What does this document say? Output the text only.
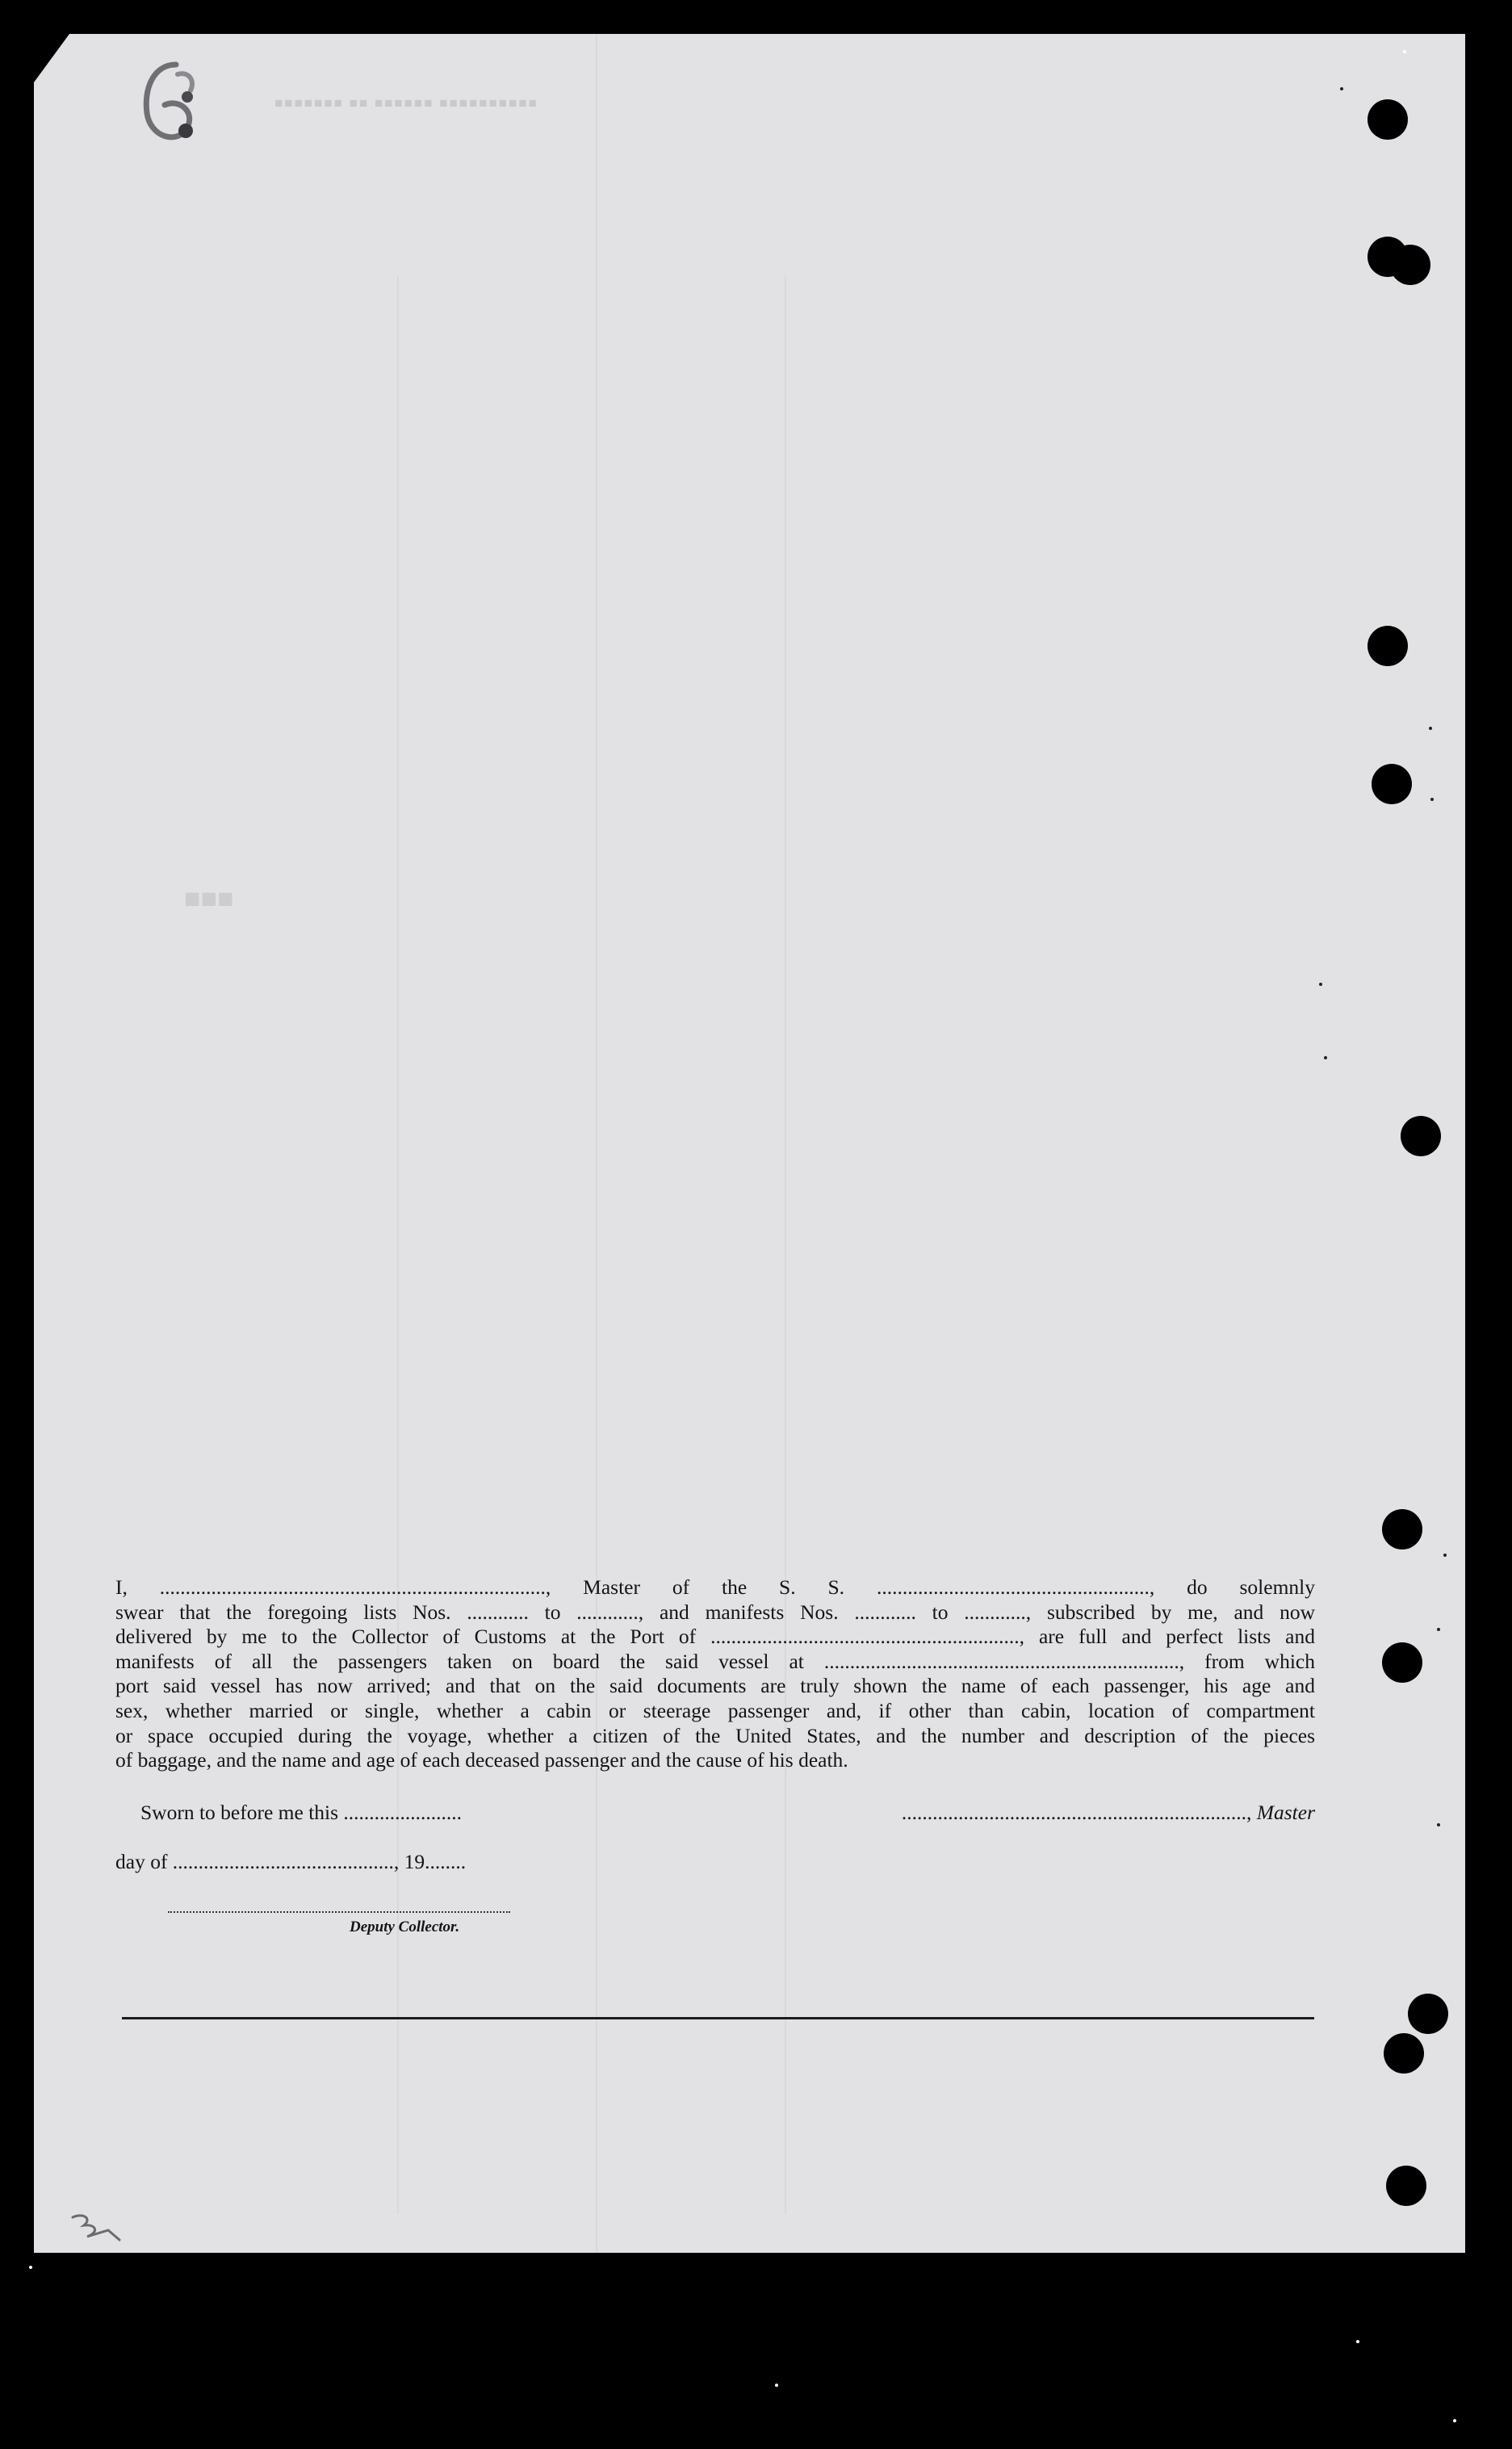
■■■■■■■ ■■ ■■■■■■ ■■■■■■■■■■
■■■
I, ..........................................................................., Master of the S. S. ....................................................., do solemnly
swear that the foregoing lists Nos. ............ to ............, and manifests Nos. ............ to ............, subscribed by me, and now
delivered by me to the Collector of Customs at the Port of ............................................................, are full and perfect lists and
manifests of all the passengers taken on board the said vessel at ....................................................................., from which
port said vessel has now arrived; and that on the said documents are truly shown the name of each passenger, his age and
sex, whether married or single, whether a cabin or steerage passenger and, if other than cabin, location of compartment
or space occupied during the voyage, whether a citizen of the United States, and the number and description of the pieces
of baggage, and the name and age of each deceased passenger and the cause of his death.
Sworn to before me this .......................	..................................................................., Master
day of ..........................................., 19........
Deputy Collector.
